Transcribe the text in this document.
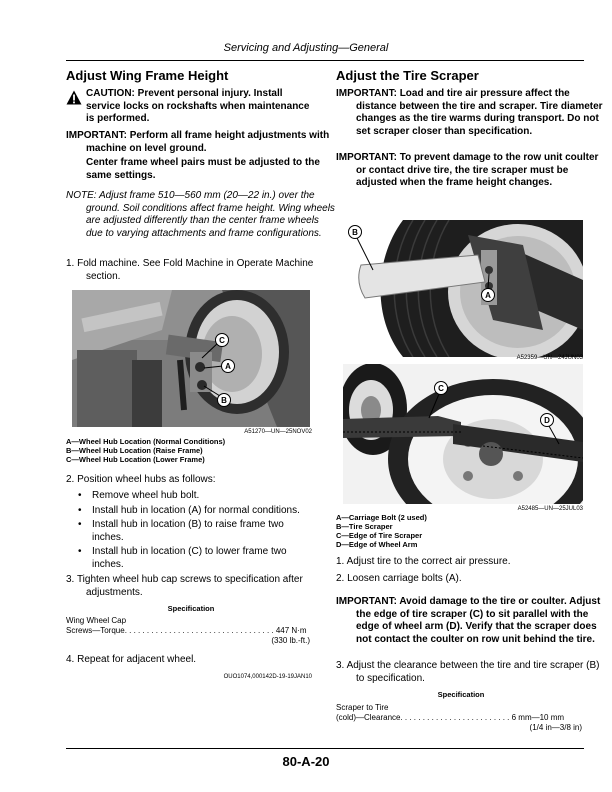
Servicing and Adjusting—General
Adjust Wing Frame Height
CAUTION: Prevent personal injury. Install service locks on rockshafts when maintenance is performed.
IMPORTANT: Perform all frame height adjustments with machine on level ground.
Center frame wheel pairs must be adjusted to the same settings.
NOTE: Adjust frame 510—560 mm (20—22 in.) over the ground. Soil conditions affect frame height. Wing wheels are adjusted differently than the center frame wheels due to varying attachments and frame configurations.
1. Fold machine. See Fold Machine in Operate Machine section.
C
A
B
A51270—UN—25NOV02
A—Wheel Hub Location (Normal Conditions)
B—Wheel Hub Location (Raise Frame)
C—Wheel Hub Location (Lower Frame)
2. Position wheel hubs as follows:
• Remove wheel hub bolt.
• Install hub in location (A) for normal conditions.
• Install hub in location (B) to raise frame two inches.
• Install hub in location (C) to lower frame two inches.
3. Tighten wheel hub cap screws to specification after adjustments.
Specification
Wing Wheel Cap
Screws—Torque. . . . . . . . . . . . . . . . . . . . . . . . . . . . . . . . . . 447 N·m
(330 lb.-ft.)
4. Repeat for adjacent wheel.
OUO1074,000142D-19-19JAN10
Adjust the Tire Scraper
IMPORTANT: Load and tire air pressure affect the distance between the tire and scraper. Tire diameter changes as the tire warms during transport. Do not set scraper closer than specification.
IMPORTANT: To prevent damage to the row unit coulter or contact drive tire, the tire scraper must be adjusted when the frame height changes.
B
A
A52359—UN—24JUN03
C
D
A52485—UN—25JUL03
A—Carriage Bolt (2 used)
B—Tire Scraper
C—Edge of Tire Scraper
D—Edge of Wheel Arm
1. Adjust tire to the correct air pressure.
2. Loosen carriage bolts (A).
IMPORTANT: Avoid damage to the tire or coulter. Adjust the edge of tire scraper (C) to sit parallel with the edge of wheel arm (D). Verify that the scraper does not contact the coulter on row unit behind the tire.
3. Adjust the clearance between the tire and tire scraper (B) to specification.
Specification
Scraper to Tire
(cold)—Clearance. . . . . . . . . . . . . . . . . . . . . . . . . 6 mm—10 mm
(1/4 in—3/8 in)
80-A-20
